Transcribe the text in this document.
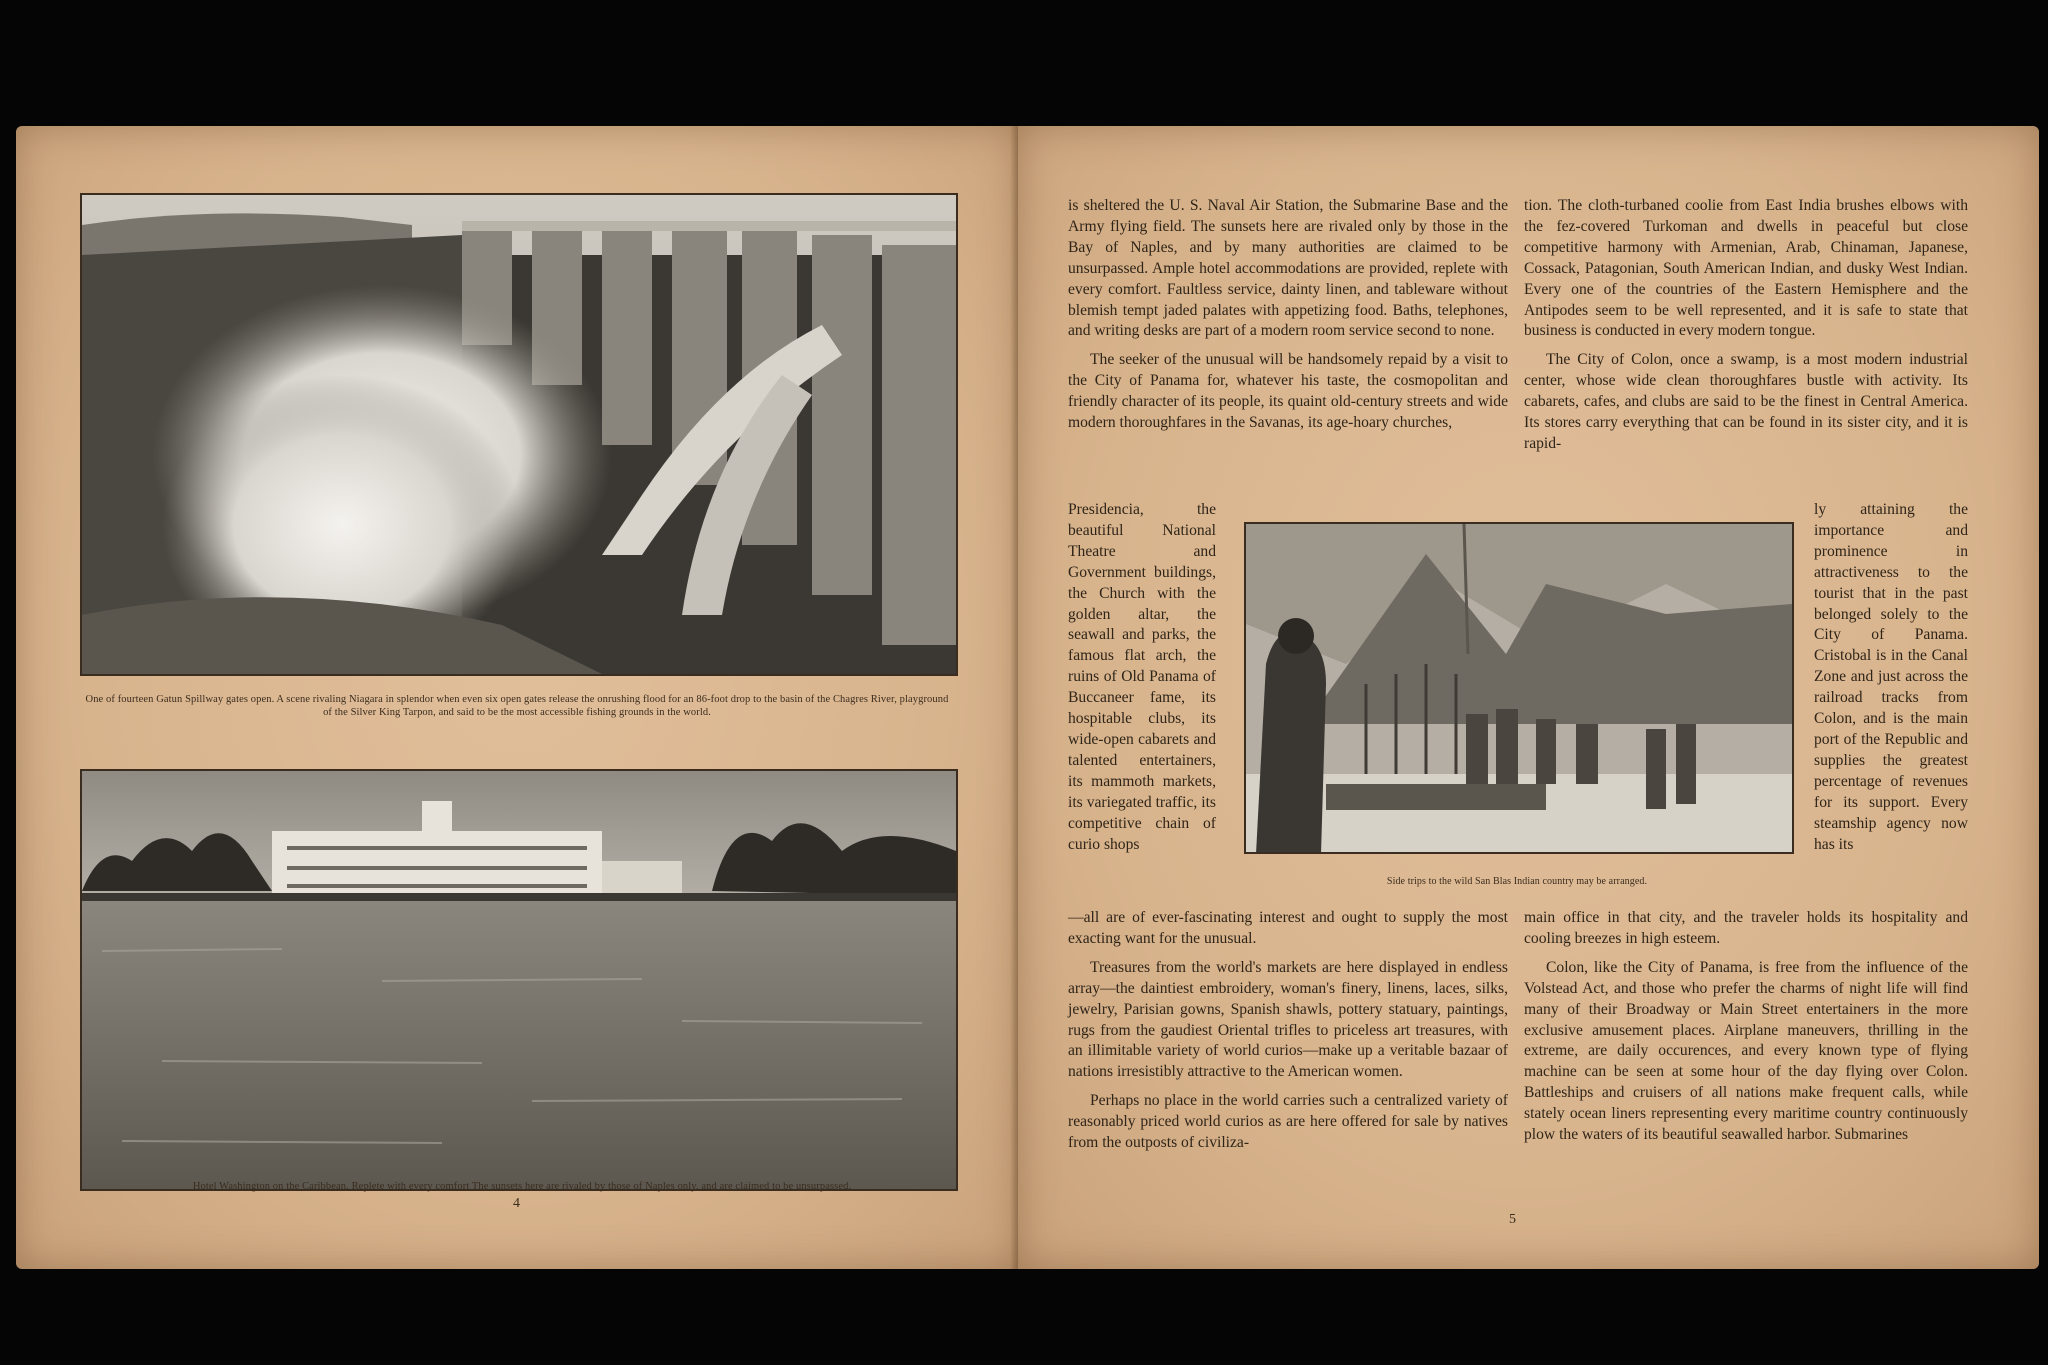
One of fourteen Gatun Spillway gates open. A scene rivaling Niagara in splendor when even six open gates release the onrushing flood for an 86-foot drop to the basin of the Chagres River, playground of the Silver King Tarpon, and said to be the most accessible fishing grounds in the world.
Hotel Washington on the Caribbean. Replete with every comfort The sunsets here are rivaled by those of Naples only, and are claimed to be unsurpassed.
4

is sheltered the U. S. Naval Air Station, the Submarine Base and the Army flying field. The sunsets here are rivaled only by those in the Bay of Naples, and by many authorities are claimed to be unsurpassed. Ample hotel accommodations are provided, replete with every comfort. Faultless service, dainty linen, and tableware without blemish tempt jaded palates with appetizing food. Baths, telephones, and writing desks are part of a modern room service second to none.

The seeker of the unusual will be handsomely repaid by a visit to the City of Panama for, whatever his taste, the cosmopolitan and friendly character of its people, its quaint old-century streets and wide modern thoroughfares in the Savanas, its age-hoary churches,

Presidencia, the beautiful National Theatre and Government buildings, the Church with the golden altar, the seawall and parks, the famous flat arch, the ruins of Old Panama of Buccaneer fame, its hospitable clubs, its wide-open cabarets and talented entertainers, its mammoth markets, its variegated traffic, its competitive chain of curio shops

—all are of ever-fascinating interest and ought to supply the most exacting want for the unusual.

Treasures from the world's markets are here displayed in endless array—the daintiest embroidery, woman's finery, linens, laces, silks, jewelry, Parisian gowns, Spanish shawls, pottery statuary, paintings, rugs from the gaudiest Oriental trifles to priceless art treasures, with an illimitable variety of world curios—make up a veritable bazaar of nations irresistibly attractive to the American women.

Perhaps no place in the world carries such a centralized variety of reasonably priced world curios as are here offered for sale by natives from the outposts of civiliza-

tion. The cloth-turbaned coolie from East India brushes elbows with the fez-covered Turkoman and dwells in peaceful but close competitive harmony with Armenian, Arab, Chinaman, Japanese, Cossack, Patagonian, South American Indian, and dusky West Indian. Every one of the countries of the Eastern Hemisphere and the Antipodes seem to be well represented, and it is safe to state that business is conducted in every modern tongue.

The City of Colon, once a swamp, is a most modern industrial center, whose wide clean thoroughfares bustle with activity. Its cabarets, cafes, and clubs are said to be the finest in Central America. Its stores carry everything that can be found in its sister city, and it is rapid-

ly attaining the importance and prominence in attractiveness to the tourist that in the past belonged solely to the City of Panama. Cristobal is in the Canal Zone and just across the railroad tracks from Colon, and is the main port of the Republic and supplies the greatest percentage of revenues for its support. Every steamship agency now has its

main office in that city, and the traveler holds its hospitality and cooling breezes in high esteem.

Colon, like the City of Panama, is free from the influence of the Volstead Act, and those who prefer the charms of night life will find many of their Broadway or Main Street entertainers in the more exclusive amusement places. Airplane maneuvers, thrilling in the extreme, are daily occurences, and every known type of flying machine can be seen at some hour of the day flying over Colon. Battleships and cruisers of all nations make frequent calls, while stately ocean liners representing every maritime country continuously plow the waters of its beautiful seawalled harbor. Submarines

Side trips to the wild San Blas Indian country may be arranged.
5
